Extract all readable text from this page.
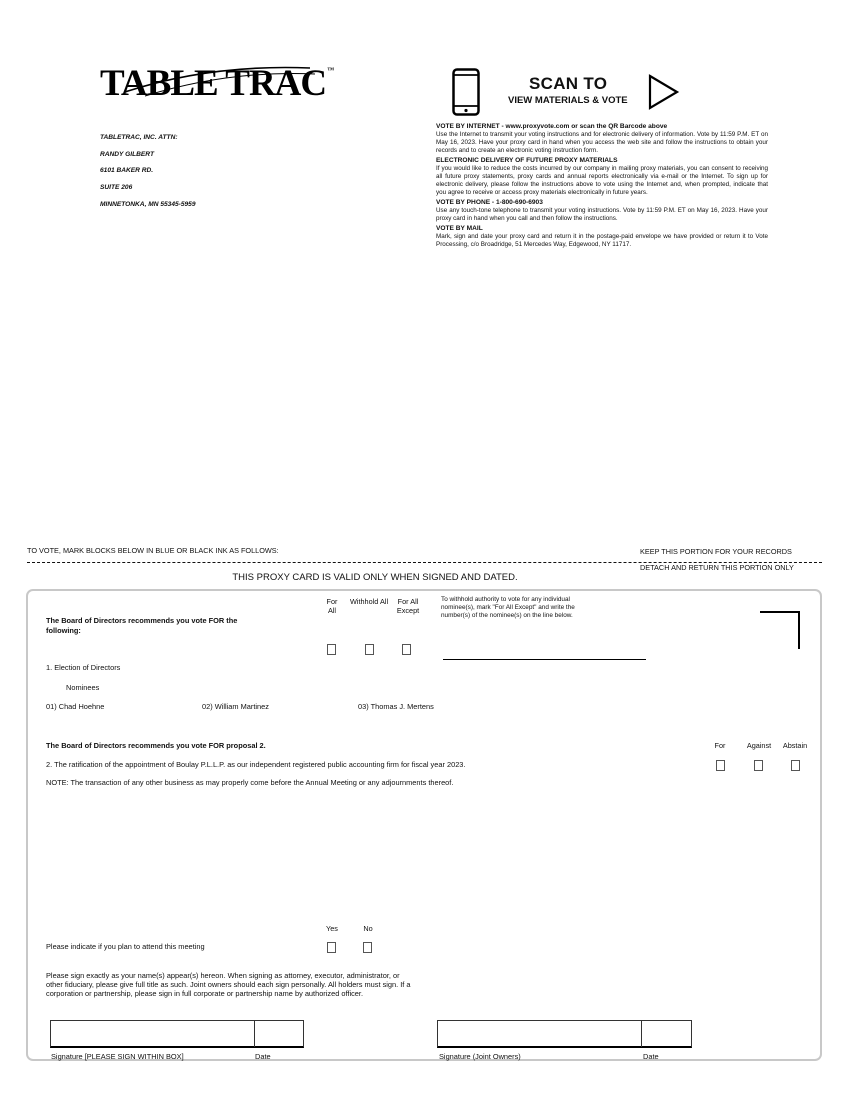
TABLE TRAC™

TABLETRAC, INC. ATTN:

RANDY GILBERT

6101 BAKER RD.

SUITE 206

MINNETONKA, MN 55345-5959

SCAN TO
VIEW MATERIALS & VOTE
VOTE BY INTERNET - www.proxyvote.com or scan the QR Barcode above
Use the Internet to transmit your voting instructions and for electronic delivery of information. Vote by 11:59 P.M. ET on May 16, 2023. Have your proxy card in hand when you access the web site and follow the instructions to obtain your records and to create an electronic voting instruction form.
ELECTRONIC DELIVERY OF FUTURE PROXY MATERIALS
If you would like to reduce the costs incurred by our company in mailing proxy materials, you can consent to receiving all future proxy statements, proxy cards and annual reports electronically via e-mail or the Internet. To sign up for electronic delivery, please follow the instructions above to vote using the Internet and, when prompted, indicate that you agree to receive or access proxy materials electronically in future years.
VOTE BY PHONE - 1-800-690-6903
Use any touch-tone telephone to transmit your voting instructions. Vote by 11:59 P.M. ET on May 16, 2023. Have your proxy card in hand when you call and then follow the instructions.
VOTE BY MAIL
Mark, sign and date your proxy card and return it in the postage-paid envelope we have provided or return it to Vote Processing, c/o Broadridge, 51 Mercedes Way, Edgewood, NY 11717.
TO VOTE, MARK BLOCKS BELOW IN BLUE OR BLACK INK AS FOLLOWS:	KEEP THIS PORTION FOR YOUR RECORDS
DETACH AND RETURN THIS PORTION ONLY
THIS PROXY CARD IS VALID ONLY WHEN SIGNED AND DATED.
The Board of Directors recommends you vote FOR the following:
For All
Withhold All	For All Except
To withhold authority to vote for any individual nominee(s), mark "For All Except" and write the number(s) of the nominee(s) on the line below.
1. Election of Directors
Nominees
01) Chad Hoehne	02) William Martinez	03) Thomas J. Mertens
The Board of Directors recommends you vote FOR proposal 2.	For	Against	Abstain
2. The ratification of the appointment of Boulay P.L.L.P. as our independent registered public accounting firm for fiscal year 2023.
NOTE: The transaction of any other business as may properly come before the Annual Meeting or any adjournments thereof.
Yes	No
Please indicate if you plan to attend this meeting
Please sign exactly as your name(s) appear(s) hereon. When signing as attorney, executor, administrator, or other fiduciary, please give full title as such. Joint owners should each sign personally. All holders must sign. If a corporation or partnership, please sign in full corporate or partnership name by authorized officer.
Signature [PLEASE SIGN WITHIN BOX]	Date	Signature (Joint Owners)	Date
